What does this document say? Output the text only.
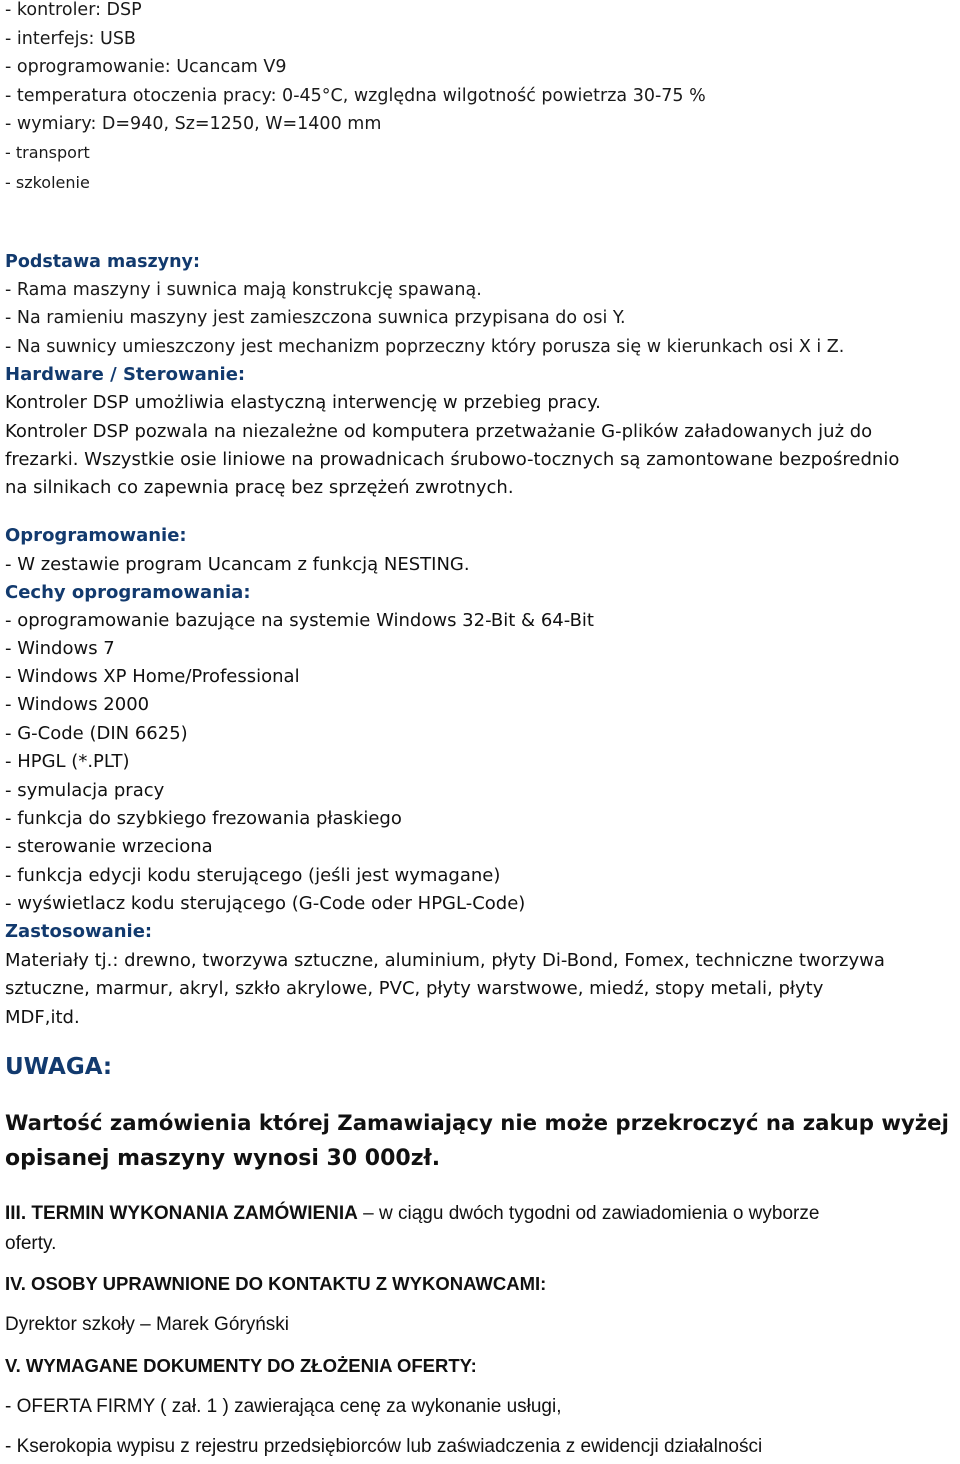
- kontroler: DSP
- interfejs: USB
- oprogramowanie: Ucancam V9
- temperatura otoczenia pracy: 0-45°C, względna wilgotność powietrza 30-75 %
- wymiary: D=940, Sz=1250, W=1400 mm
- transport
- szkolenie
Podstawa maszyny:
- Rama maszyny i suwnica mają konstrukcję spawaną.
- Na ramieniu maszyny jest zamieszczona suwnica przypisana do osi Y.
- Na suwnicy umieszczony jest mechanizm poprzeczny który porusza się w kierunkach osi X i Z.
Hardware / Sterowanie:
Kontroler DSP umożliwia elastyczną interwencję w przebieg pracy.
Kontroler DSP pozwala na niezależne od komputera przetważanie G-plików załadowanych już do
frezarki. Wszystkie osie liniowe na prowadnicach śrubowo-tocznych są zamontowane bezpośrednio
na silnikach co zapewnia pracę bez sprzężeń zwrotnych.
Oprogramowanie:
- W zestawie program Ucancam z funkcją NESTING.
Cechy oprogramowania:
- oprogramowanie bazujące na systemie Windows 32-Bit & 64-Bit
- Windows 7
- Windows XP Home/Professional
- Windows 2000
- G-Code (DIN 6625)
- HPGL (*.PLT)
- symulacja pracy
- funkcja do szybkiego frezowania płaskiego
- sterowanie wrzeciona
- funkcja edycji kodu sterującego (jeśli jest wymagane)
- wyświetlacz kodu sterującego (G-Code oder HPGL-Code)
Zastosowanie:
Materiały tj.: drewno, tworzywa sztuczne, aluminium, płyty Di-Bond, Fomex, techniczne tworzywa
sztuczne, marmur, akryl, szkło akrylowe, PVC, płyty warstwowe, miedź, stopy metali, płyty
MDF,itd.
UWAGA:
Wartość zamówienia której Zamawiający nie może przekroczyć na zakup wyżej
opisanej maszyny wynosi 30 000zł.
III. TERMIN WYKONANIA ZAMÓWIENIA – w ciągu dwóch tygodni od zawiadomienia o wyborze
oferty.
IV. OSOBY UPRAWNIONE DO KONTAKTU Z WYKONAWCAMI:
Dyrektor szkoły – Marek Góryński
V. WYMAGANE DOKUMENTY DO ZŁOŻENIA OFERTY:
- OFERTA FIRMY ( zał. 1 ) zawierająca cenę za wykonanie usługi,
- Kserokopia wypisu z rejestru przedsiębiorców lub zaświadczenia z ewidencji działalności
